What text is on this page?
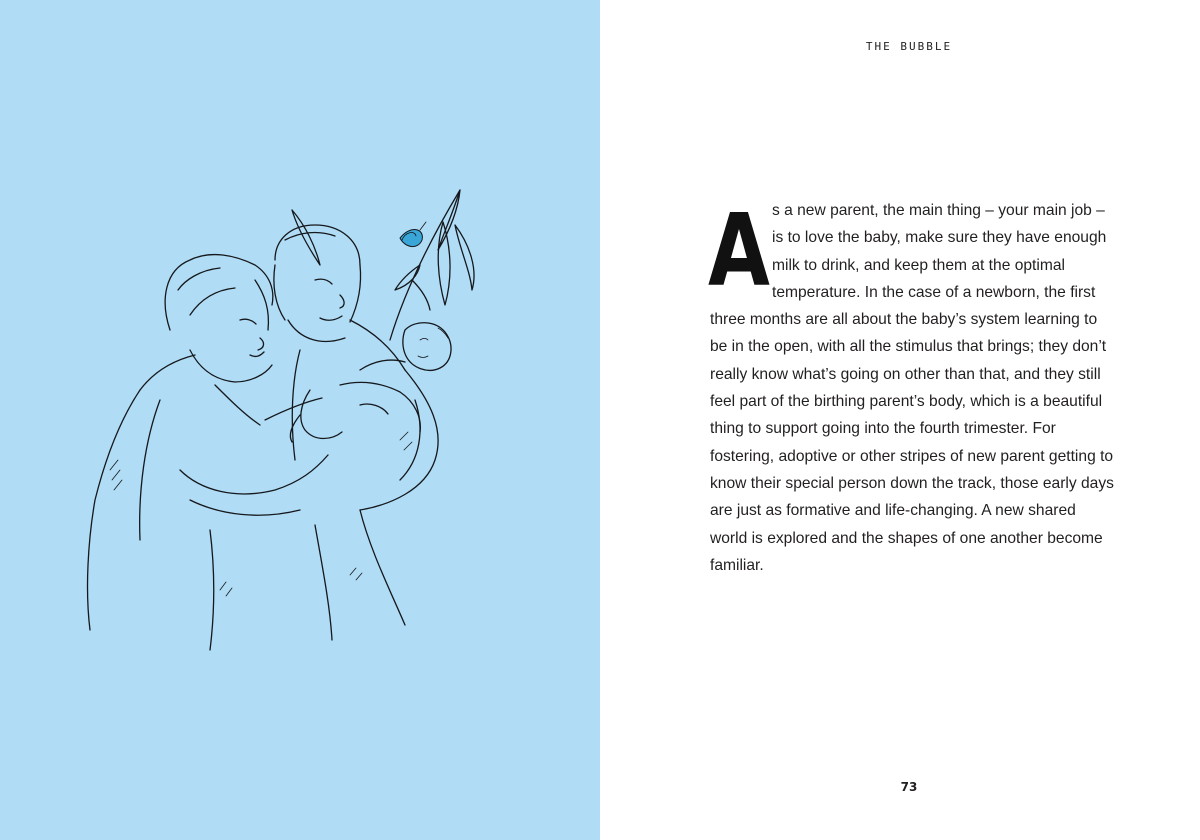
THE BUBBLE
A s a new parent, the main thing – your main job – is to love the baby, make sure they have enough milk to drink, and keep them at the optimal temperature. In the case of a newborn, the first three months are all about the baby’s system learning to be in the open, with all the stimulus that brings; they don’t really know what’s going on other than that, and they still feel part of the birthing parent’s body, which is a beautiful thing to support going into the fourth trimester. For fostering, adoptive or other stripes of new parent getting to know their special person down the track, those early days are just as formative and life-changing. A new shared world is explored and the shapes of one another become familiar.
73
